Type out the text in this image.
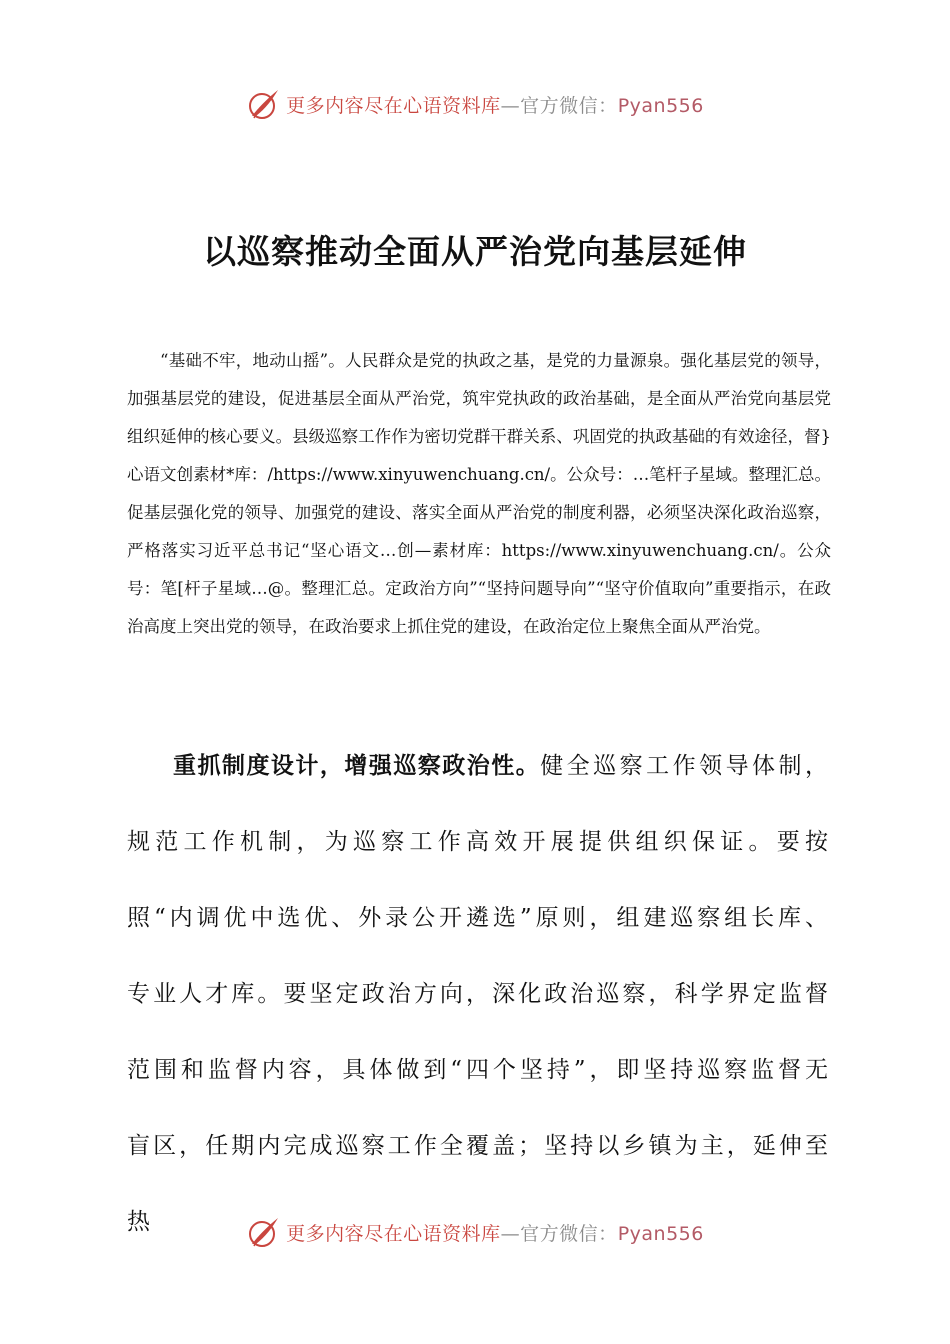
更多内容尽在心语资料库—官方微信：Pyan556
以巡察推动全面从严治党向基层延伸

“基础不牢，地动山摇”。人民群众是党的执政之基，是党的力量源泉。强化基层党的领导，加强基层党的建设，促进基层全面从严治党，筑牢党执政的政治基础，是全面从严治党向基层党组织延伸的核心要义。县级巡察工作作为密切党群干群关系、巩固党的执政基础的有效途径，督}心语文创素材*库：/https://www.xinyuwenchuang.cn/。公众号：…笔杆子星域。整理汇总。促基层强化党的领导、加强党的建设、落实全面从严治党的制度利器，必须坚决深化政治巡察，严格落实习近平总书记“坚心语文…创—素材库：https://www.xinyuwenchuang.cn/。公众号：笔[杆子星域…@。整理汇总。定政治方向”“坚持问题导向”“坚守价值取向”重要指示，在政治高度上突出党的领导，在政治要求上抓住党的建设，在政治定位上聚焦全面从严治党。

重抓制度设计，增强巡察政治性。健全巡察工作领导体制，规范工作机制，为巡察工作高效开展提供组织保证。要按照“内调优中选优、外录公开遴选”原则，组建巡察组长库、专业人才库。要坚定政治方向，深化政治巡察，科学界定监督范围和监督内容，具体做到“四个坚持”，即坚持巡察监督无盲区，任期内完成巡察工作全覆盖；坚持以乡镇为主，延伸至热	更多内容尽在心语资料库—官方微信：Pyan556
